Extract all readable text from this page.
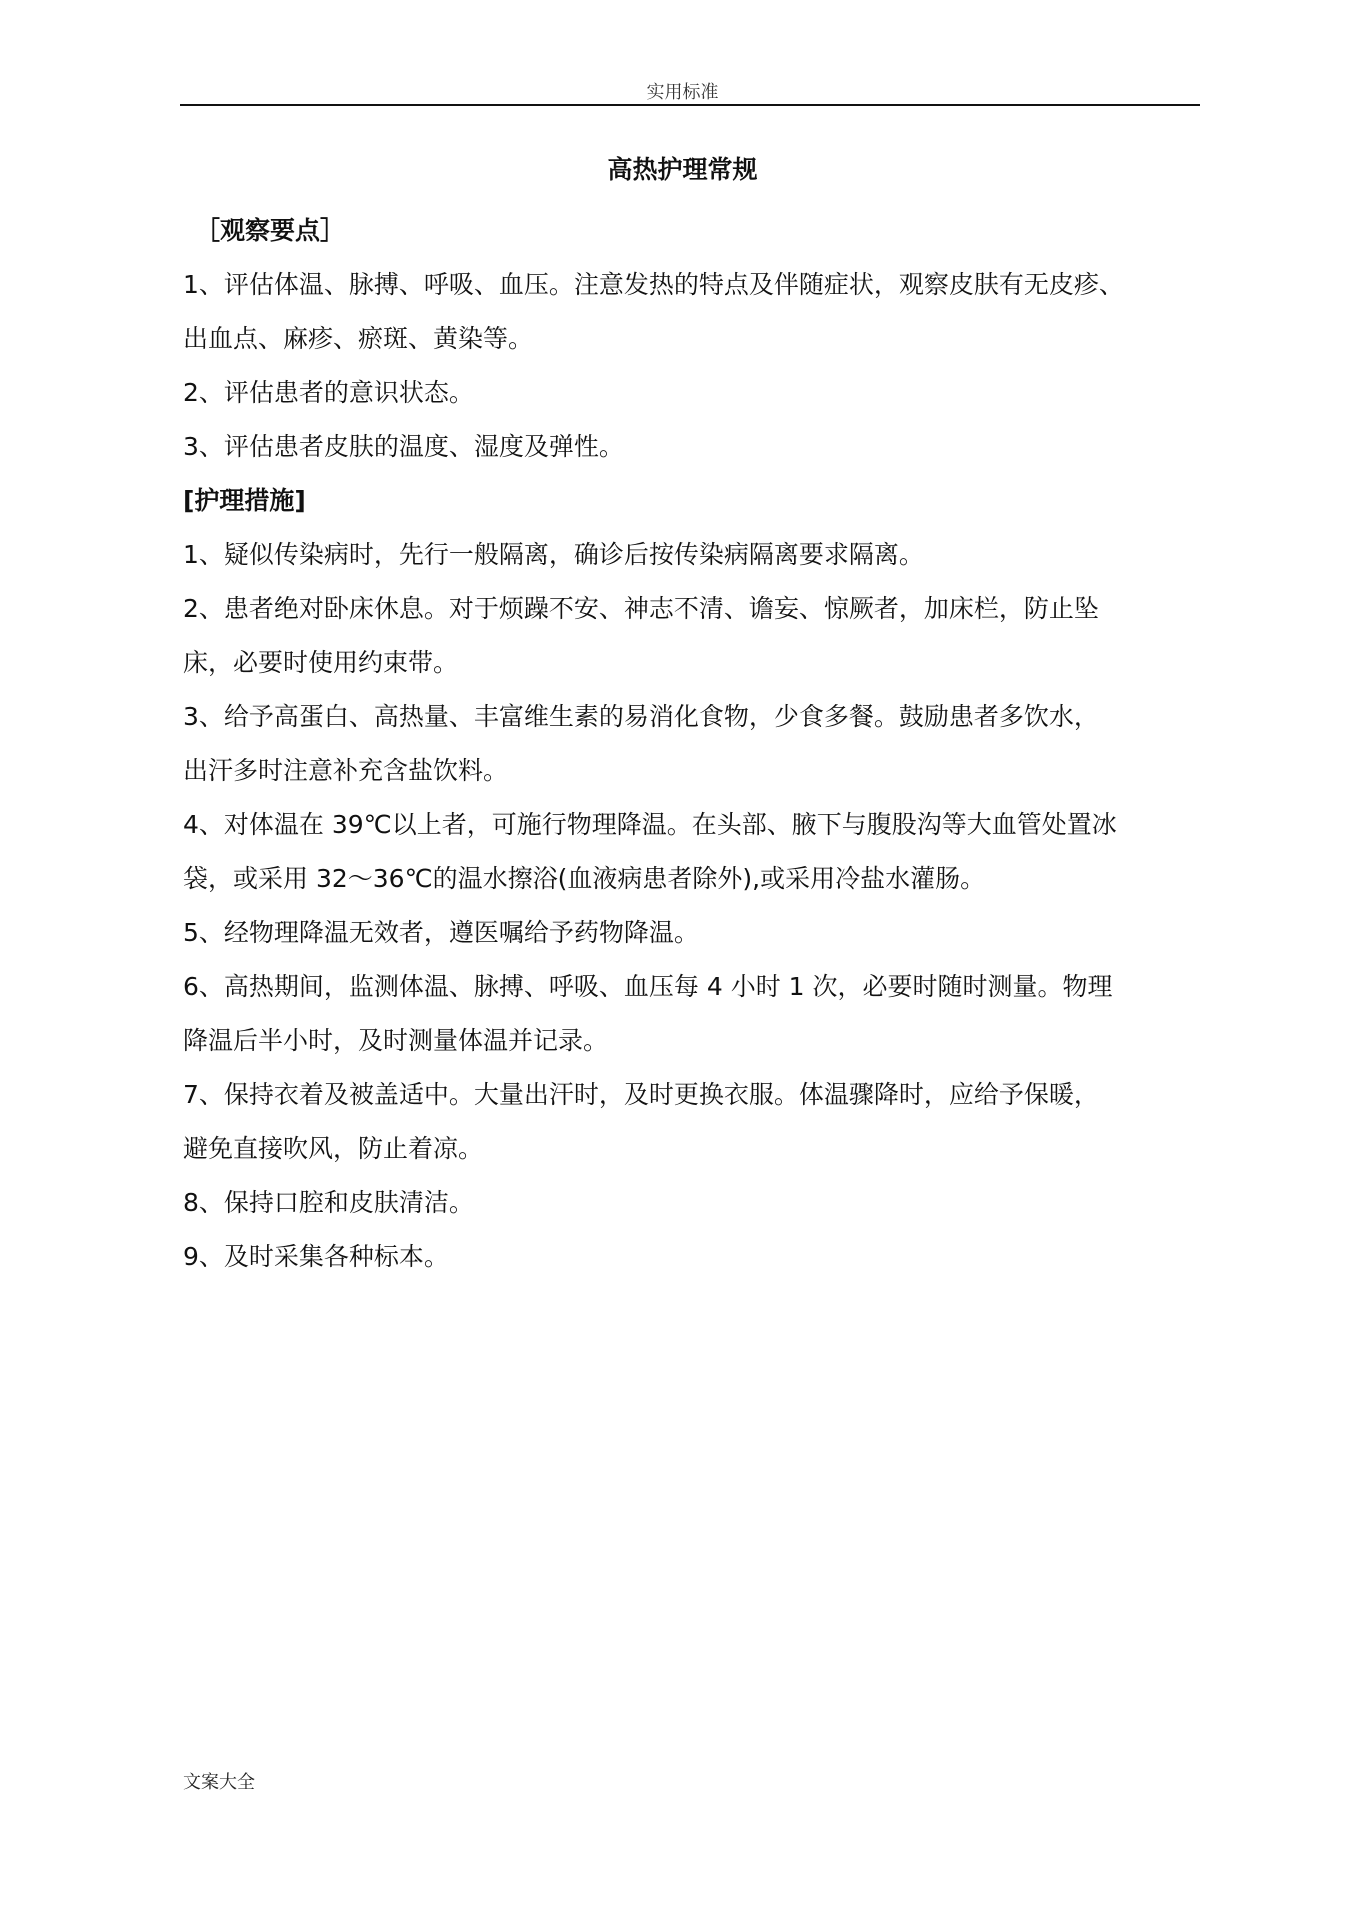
实用标准
高热护理常规
［观察要点］
1、评估体温、脉搏、呼吸、血压。注意发热的特点及伴随症状，观察皮肤有无皮疹、
出血点、麻疹、瘀斑、黄染等。
2、评估患者的意识状态。
3、评估患者皮肤的温度、湿度及弹性。
[护理措施]
1、疑似传染病时，先行一般隔离，确诊后按传染病隔离要求隔离。
2、患者绝对卧床休息。对于烦躁不安、神志不清、谵妄、惊厥者，加床栏，防止坠
床，必要时使用约束带。
3、给予高蛋白、高热量、丰富维生素的易消化食物，少食多餐。鼓励患者多饮水，
出汗多时注意补充含盐饮料。
4、对体温在 39℃以上者，可施行物理降温。在头部、腋下与腹股沟等大血管处置冰
袋，或采用 32～36℃的温水擦浴(血液病患者除外),或采用冷盐水灌肠。
5、经物理降温无效者，遵医嘱给予药物降温。
6、高热期间，监测体温、脉搏、呼吸、血压每 4 小时 1 次，必要时随时测量。物理
降温后半小时，及时测量体温并记录。
7、保持衣着及被盖适中。大量出汗时，及时更换衣服。体温骤降时，应给予保暖，
避免直接吹风，防止着凉。
8、保持口腔和皮肤清洁。
9、及时采集各种标本。
文案大全
